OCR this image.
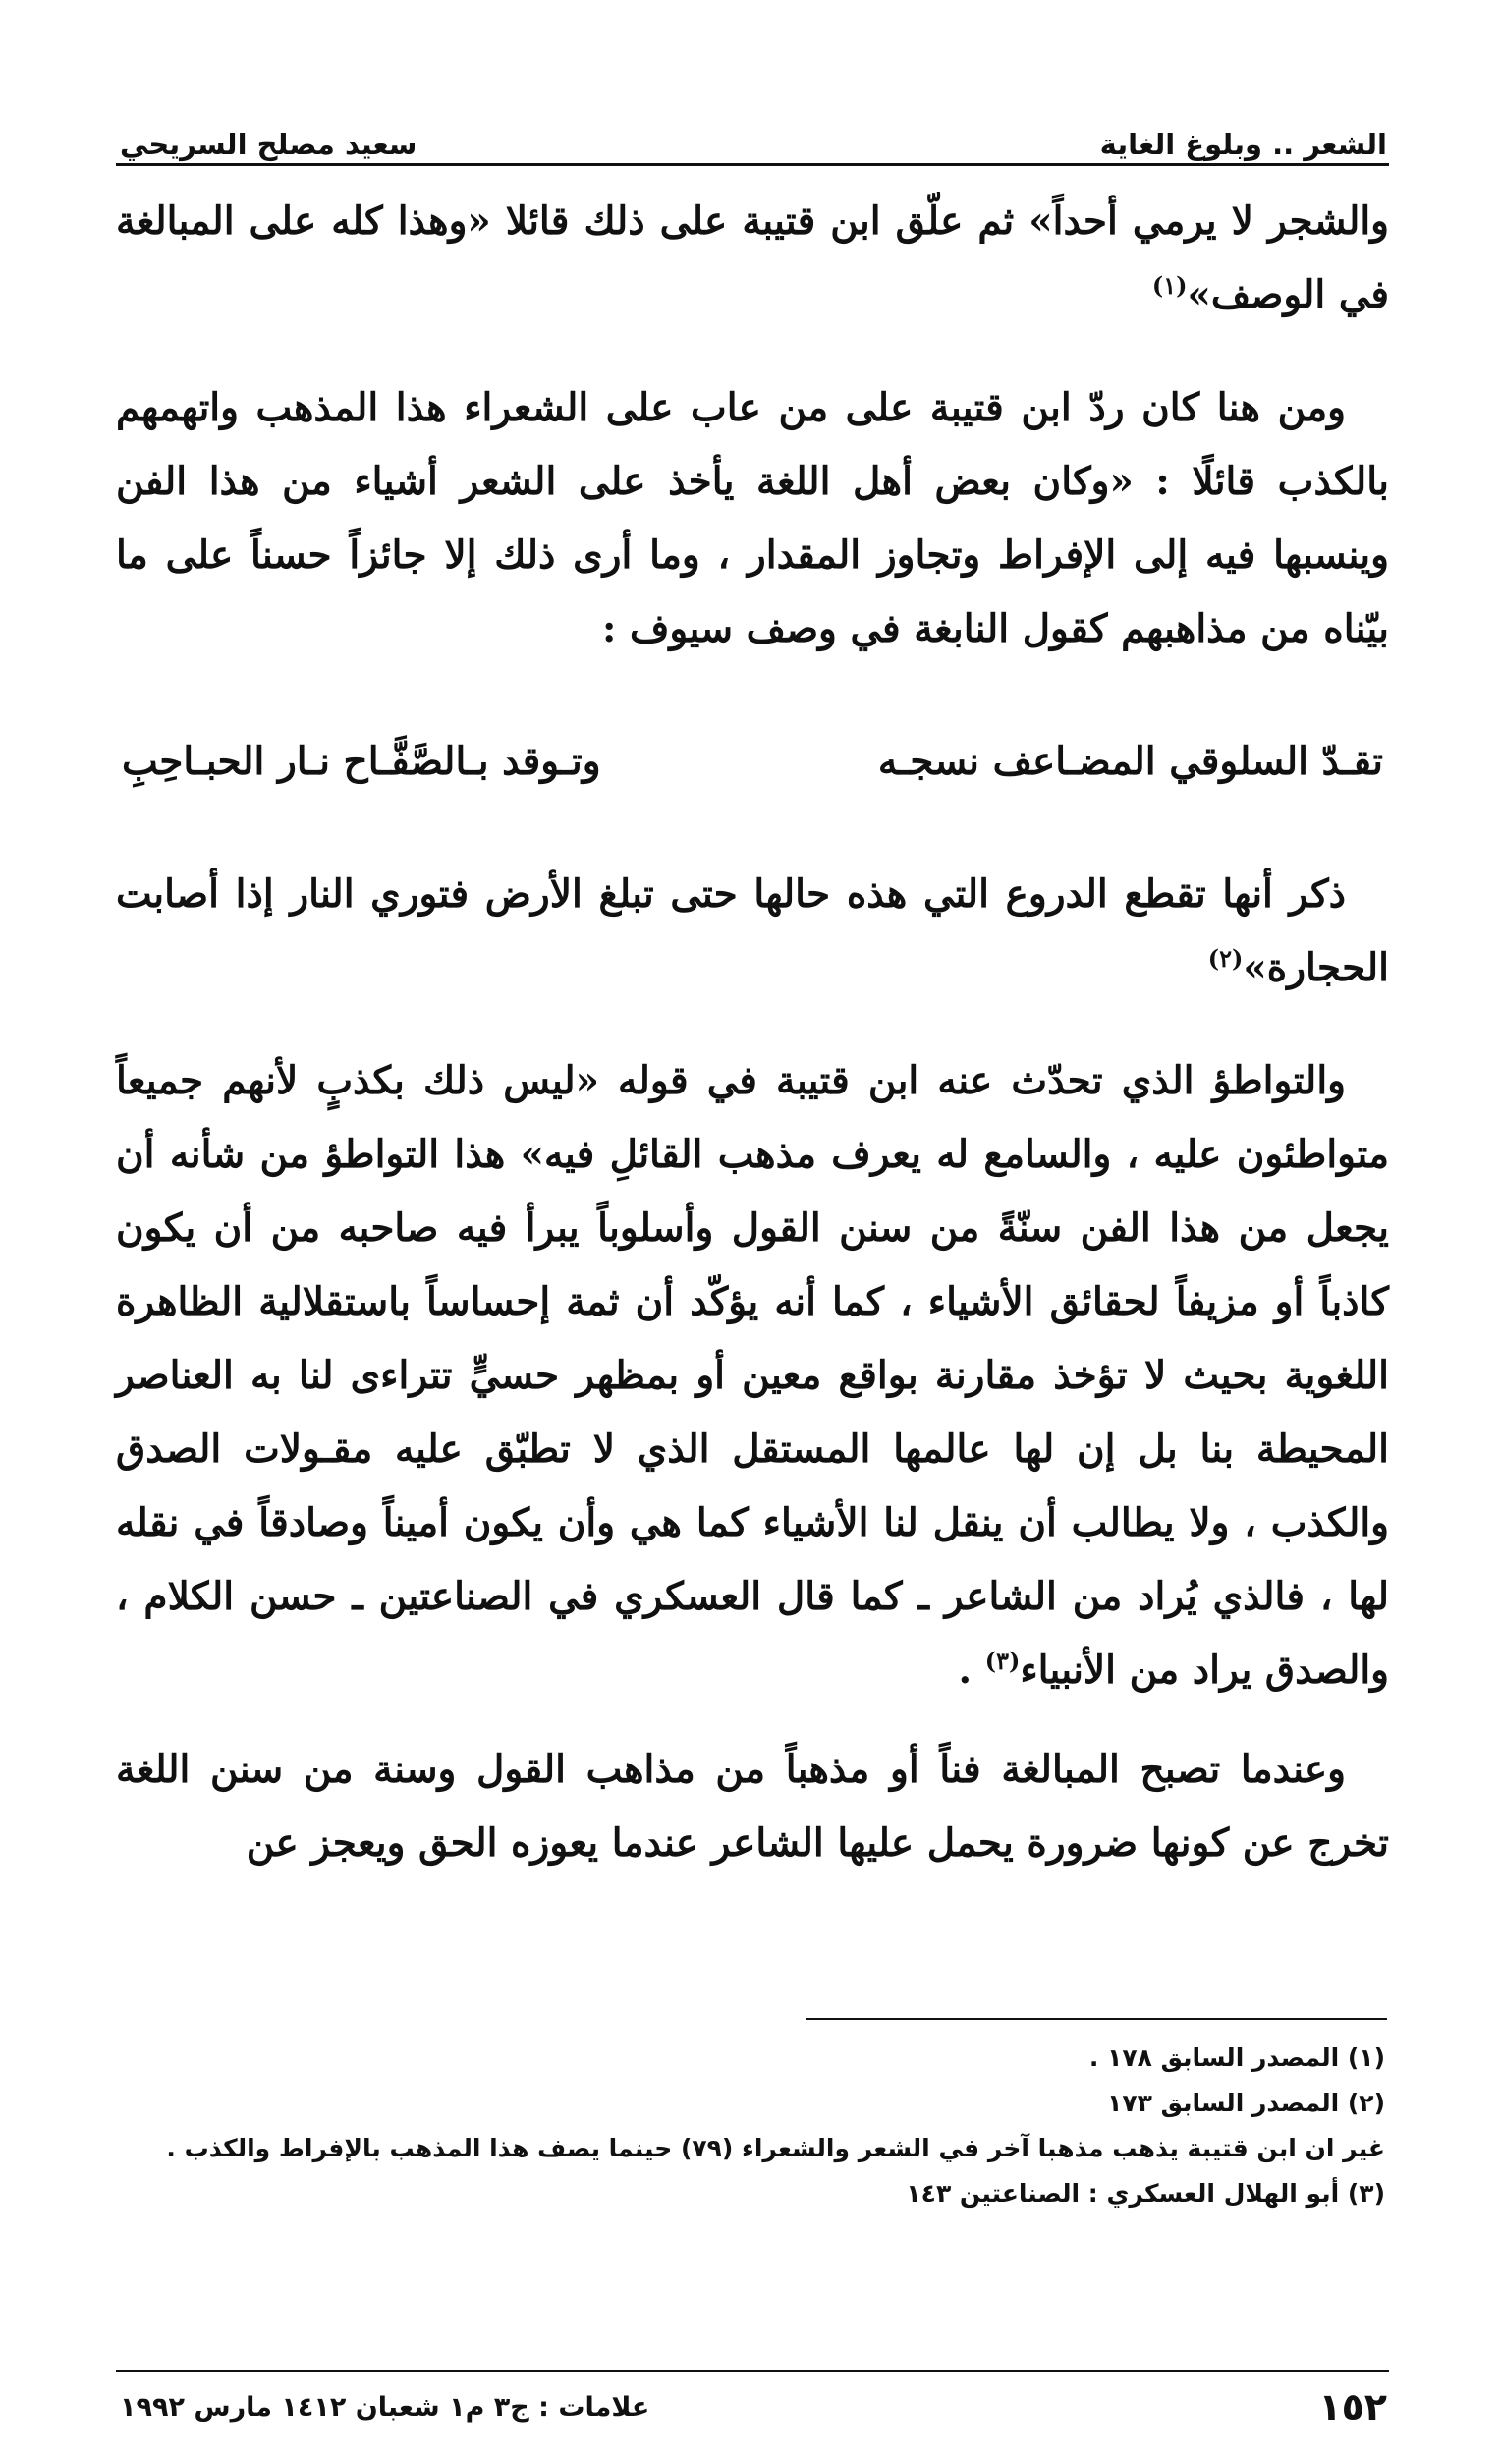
الشعر .. وبلوغ الغاية
سعيد مصلح السريحي

والشجر لا يرمي أحداً» ثم علّق ابن قتيبة على ذلك قائلا «وهذا كله على المبالغة في الوصف»$^{(١)}$

ومن هنا كان ردّ ابن قتيبة على من عاب على الشعراء هذا المذهب واتهمهم بالكذب قائلًا : «وكان بعض أهل اللغة يأخذ على الشعر أشياء من هذا الفن وينسبها فيه إلى الإفراط وتجاوز المقدار ، وما أرى ذلك إلا جائزاً حسناً على ما بيّناه من مذاهبهم كقول النابغة في وصف سيوف :

تقـدّ السلوقي المضـاعف نسجـه
وتـوقد بـالصَّفَّـاح نـار الحبـاحِبِ

ذكر أنها تقطع الدروع التي هذه حالها حتى تبلغ الأرض فتوري النار إذا أصابت الحجارة»$^{(٢)}$

والتواطؤ الذي تحدّث عنه ابن قتيبة في قوله «ليس ذلك بكذبٍ لأنهم جميعاً متواطئون عليه ، والسامع له يعرف مذهب القائلِ فيه» هذا التواطؤ من شأنه أن يجعل من هذا الفن سنّةً من سنن القول وأسلوباً يبرأ فيه صاحبه من أن يكون كاذباً أو مزيفاً لحقائق الأشياء ، كما أنه يؤكّد أن ثمة إحساساً باستقلالية الظاهرة اللغوية بحيث لا تؤخذ مقارنة بواقع معين أو بمظهر حسيٍّ تتراءى لنا به العناصر المحيطة بنا بل إن لها عالمها المستقل الذي لا تطبّق عليه مقـولات الصدق والكذب ، ولا يطالب أن ينقل لنا الأشياء كما هي وأن يكون أميناً وصادقاً في نقله لها ، فالذي يُراد من الشاعر ـ كما قال العسكري في الصناعتين ـ حسن الكلام ، والصدق يراد من الأنبياء$^{(٣)}$ .

وعندما تصبح المبالغة فناً أو مذهباً من مذاهب القول وسنة من سنن اللغة تخرج عن كونها ضرورة يحمل عليها الشاعر عندما يعوزه الحق ويعجز عن

(١) المصدر السابق ١٧٨ .

(٢) المصدر السابق ١٧٣

غير ان ابن قتيبة يذهب مذهبا آخر في الشعر والشعراء (٧٩) حينما يصف هذا المذهب بالإفراط والكذب .

(٣) أبو الهلال العسكري : الصناعتين ١٤٣

١٥٢
علامات : ج٣ م١ شعبان ١٤١٢ مارس ١٩٩٢
